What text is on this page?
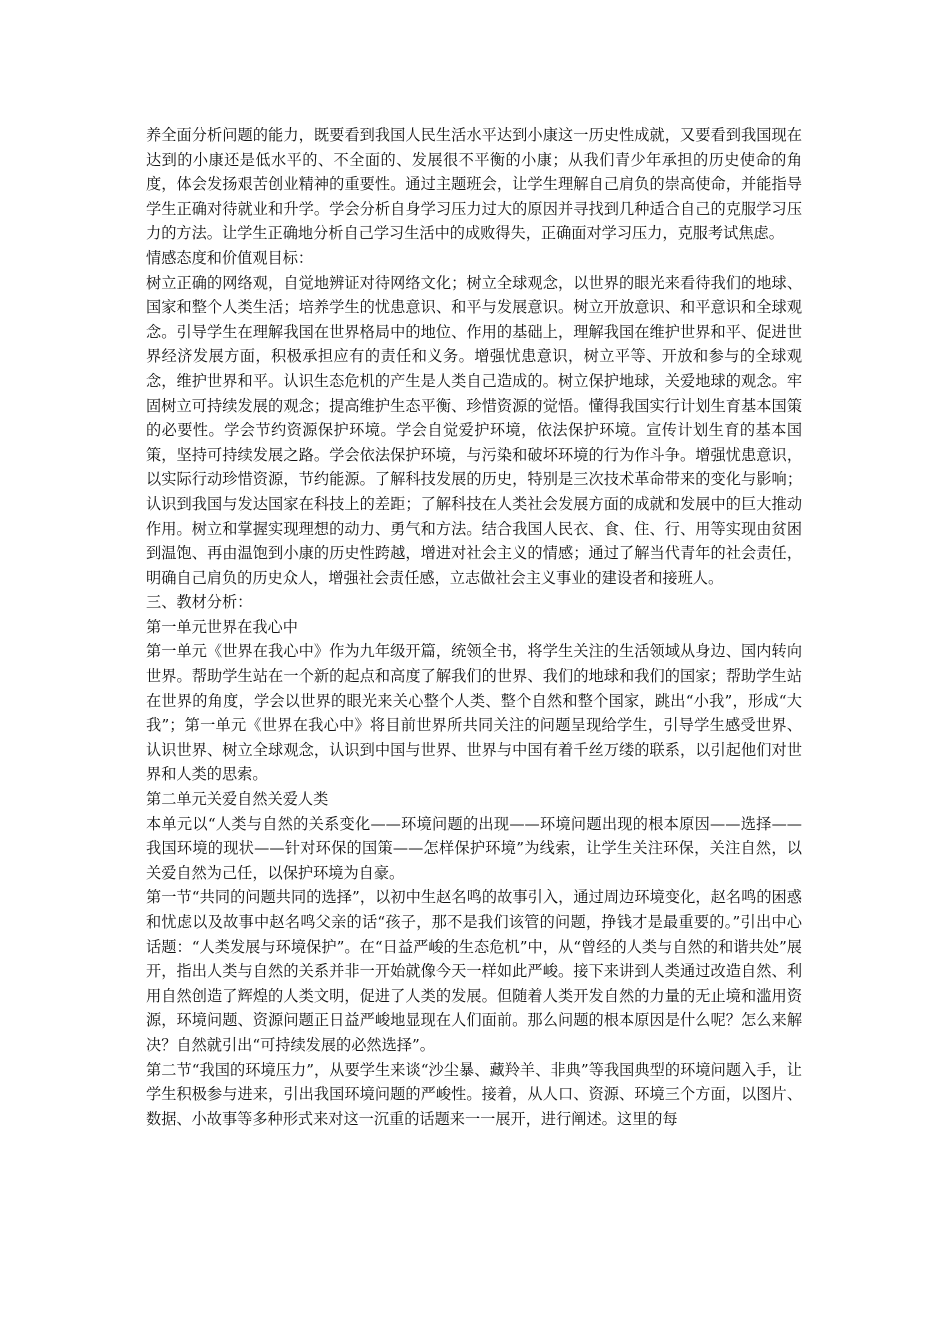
养全面分析问题的能力，既要看到我国人民生活水平达到小康这一历史性成就，又要看到我国现在达到的小康还是低水平的、不全面的、发展很不平衡的小康；从我们青少年承担的历史使命的角度，体会发扬艰苦创业精神的重要性。通过主题班会，让学生理解自己肩负的崇高使命，并能指导学生正确对待就业和升学。学会分析自身学习压力过大的原因并寻找到几种适合自己的克服学习压力的方法。让学生正确地分析自己学习生活中的成败得失，正确面对学习压力，克服考试焦虑。

情感态度和价值观目标：

树立正确的网络观，自觉地辨证对待网络文化；树立全球观念，以世界的眼光来看待我们的地球、国家和整个人类生活；培养学生的忧患意识、和平与发展意识。树立开放意识、和平意识和全球观念。引导学生在理解我国在世界格局中的地位、作用的基础上，理解我国在维护世界和平、促进世界经济发展方面，积极承担应有的责任和义务。增强忧患意识，树立平等、开放和参与的全球观念，维护世界和平。认识生态危机的产生是人类自己造成的。树立保护地球，关爱地球的观念。牢固树立可持续发展的观念；提高维护生态平衡、珍惜资源的觉悟。懂得我国实行计划生育基本国策的必要性。学会节约资源保护环境。学会自觉爱护环境，依法保护环境。宣传计划生育的基本国策，坚持可持续发展之路。学会依法保护环境，与污染和破坏环境的行为作斗争。增强忧患意识，以实际行动珍惜资源，节约能源。了解科技发展的历史，特别是三次技术革命带来的变化与影响；认识到我国与发达国家在科技上的差距；了解科技在人类社会发展方面的成就和发展中的巨大推动作用。树立和掌握实现理想的动力、勇气和方法。结合我国人民衣、食、住、行、用等实现由贫困到温饱、再由温饱到小康的历史性跨越，增进对社会主义的情感；通过了解当代青年的社会责任，明确自己肩负的历史众人，增强社会责任感，立志做社会主义事业的建设者和接班人。

三、教材分析：

第一单元世界在我心中

第一单元《世界在我心中》作为九年级开篇，统领全书，将学生关注的生活领域从身边、国内转向世界。帮助学生站在一个新的起点和高度了解我们的世界、我们的地球和我们的国家；帮助学生站在世界的角度，学会以世界的眼光来关心整个人类、整个自然和整个国家，跳出“小我”，形成“大我”；第一单元《世界在我心中》将目前世界所共同关注的问题呈现给学生，引导学生感受世界、认识世界、树立全球观念，认识到中国与世界、世界与中国有着千丝万缕的联系，以引起他们对世界和人类的思索。

第二单元关爱自然关爱人类

本单元以“人类与自然的关系变化——环境问题的出现——环境问题出现的根本原因——选择——我国环境的现状——针对环保的国策——怎样保护环境”为线索，让学生关注环保，关注自然，以关爱自然为己任，以保护环境为自豪。

第一节“共同的问题共同的选择”，以初中生赵名鸣的故事引入，通过周边环境变化，赵名鸣的困惑和忧虑以及故事中赵名鸣父亲的话“孩子，那不是我们该管的问题，挣钱才是最重要的。”引出中心话题：“人类发展与环境保护”。在“日益严峻的生态危机”中，从“曾经的人类与自然的和谐共处”展开，指出人类与自然的关系并非一开始就像今天一样如此严峻。接下来讲到人类通过改造自然、利用自然创造了辉煌的人类文明，促进了人类的发展。但随着人类开发自然的力量的无止境和滥用资源，环境问题、资源问题正日益严峻地显现在人们面前。那么问题的根本原因是什么呢？怎么来解决？自然就引出“可持续发展的必然选择”。

第二节“我国的环境压力”，从要学生来谈“沙尘暴、藏羚羊、非典”等我国典型的环境问题入手，让学生积极参与进来，引出我国环境问题的严峻性。接着，从人口、资源、环境三个方面，以图片、数据、小故事等多种形式来对这一沉重的话题来一一展开，进行阐述。这里的每
